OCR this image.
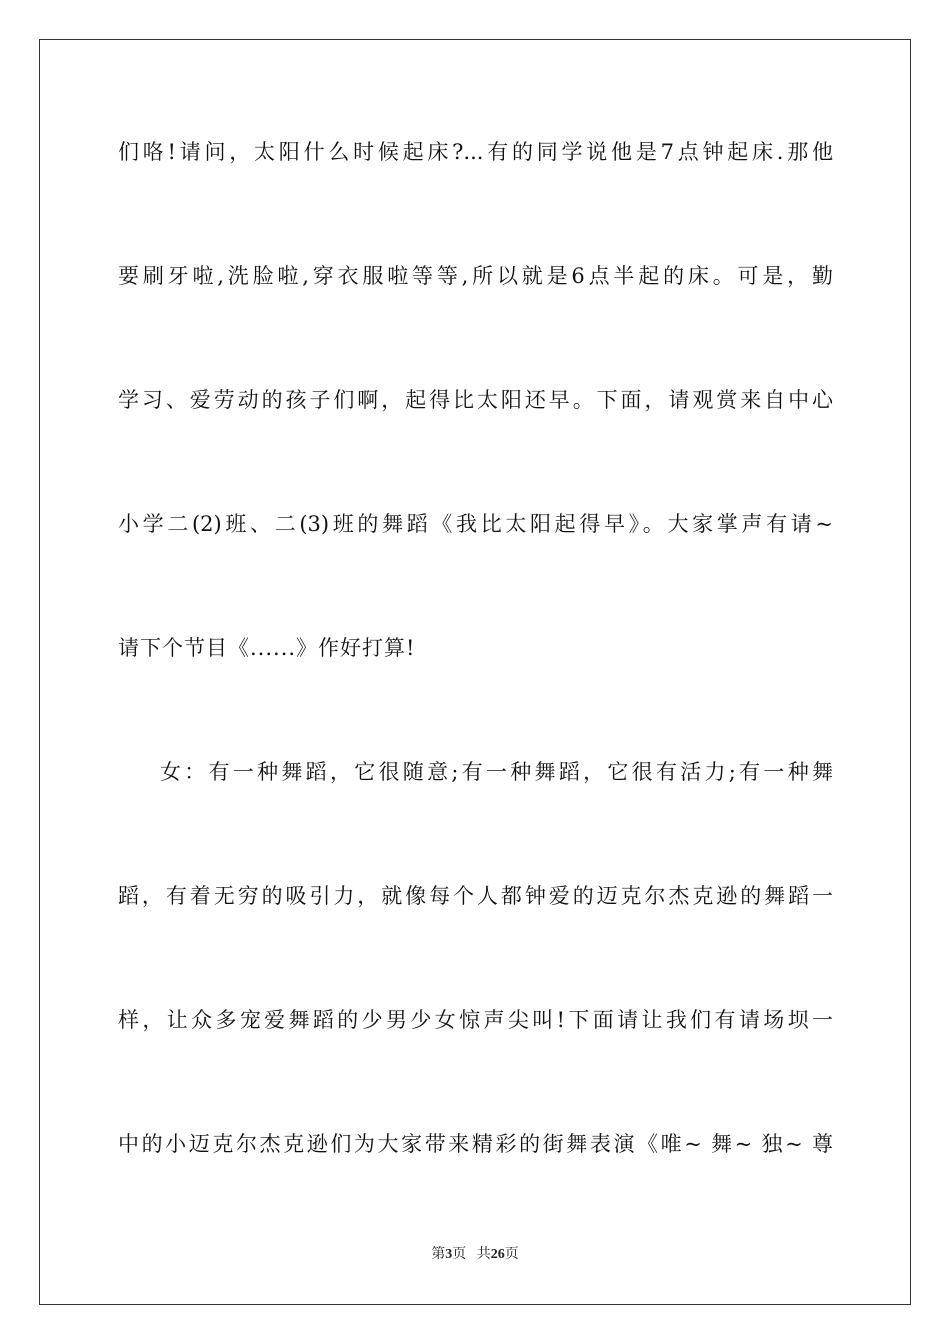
们咯!请问，太阳什么时候起床?...有的同学说他是7点钟起床.那他
要刷牙啦,洗脸啦,穿衣服啦等等,所以就是6点半起的床。可是，勤
学习、爱劳动的孩子们啊，起得比太阳还早。下面，请观赏来自中心
小学二(2)班、二(3)班的舞蹈《我比太阳起得早》。大家掌声有请~
请下个节目《......》作好打算!
女：有一种舞蹈，它很随意;有一种舞蹈，它很有活力;有一种舞
蹈，有着无穷的吸引力，就像每个人都钟爱的迈克尔杰克逊的舞蹈一
样，让众多宠爱舞蹈的少男少女惊声尖叫!下面请让我们有请场坝一
中的小迈克尔杰克逊们为大家带来精彩的街舞表演《唯~ 舞~ 独~ 尊
第3页 共26页
